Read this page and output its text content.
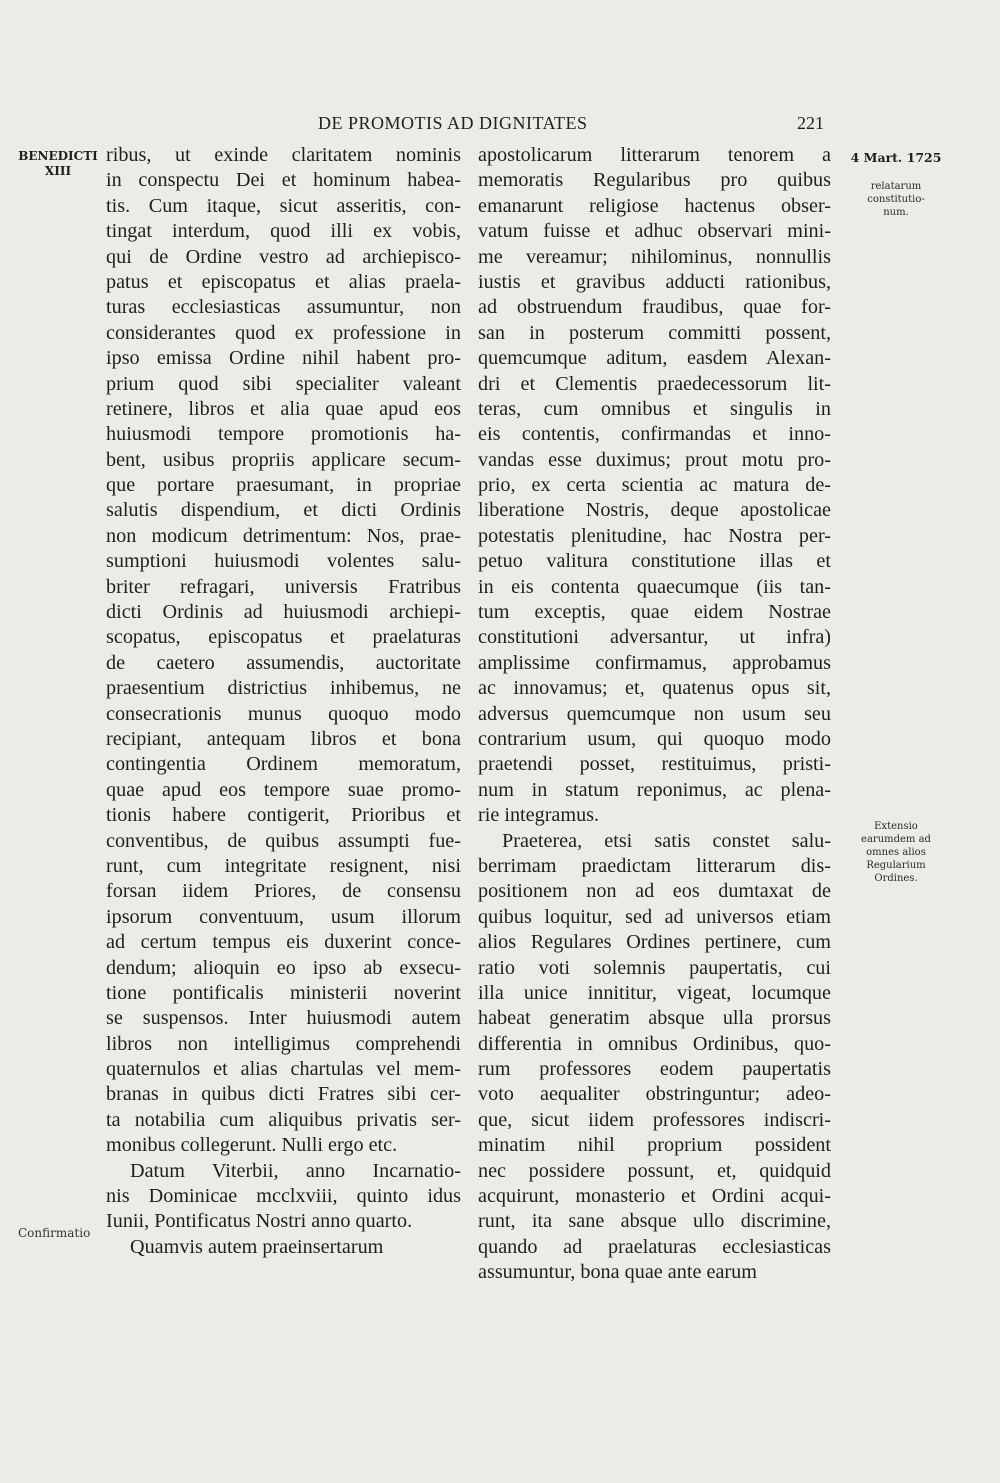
DE PROMOTIS AD DIGNITATES	221
BENEDICTI
XIII
Confirmatio
4 Mart. 1725
relatarum
constitutio-
num.
Extensio
earumdem ad
omnes alios
Regularium
Ordines.
ribus, ut exinde claritatem nominis
in conspectu Dei et hominum habea-
tis. Cum itaque, sicut asseritis, con-
tingat interdum, quod illi ex vobis,
qui de Ordine vestro ad archiepisco-
patus et episcopatus et alias praela-
turas ecclesiasticas assumuntur, non
considerantes quod ex professione in
ipso emissa Ordine nihil habent pro-
prium quod sibi specialiter valeant
retinere, libros et alia quae apud eos
huiusmodi tempore promotionis ha-
bent, usibus propriis applicare secum-
que portare praesumant, in propriae
salutis dispendium, et dicti Ordinis
non modicum detrimentum: Nos, prae-
sumptioni huiusmodi volentes salu-
briter refragari, universis Fratribus
dicti Ordinis ad huiusmodi archiepi-
scopatus, episcopatus et praelaturas
de caetero assumendis, auctoritate
praesentium districtius inhibemus, ne
consecrationis munus quoquo modo
recipiant, antequam libros et bona
contingentia Ordinem memoratum,
quae apud eos tempore suae promo-
tionis habere contigerit, Prioribus et
conventibus, de quibus assumpti fue-
runt, cum integritate resignent, nisi
forsan iidem Priores, de consensu
ipsorum conventuum, usum illorum
ad certum tempus eis duxerint conce-
dendum; alioquin eo ipso ab exsecu-
tione pontificalis ministerii noverint
se suspensos. Inter huiusmodi autem
libros non intelligimus comprehendi
quaternulos et alias chartulas vel mem-
branas in quibus dicti Fratres sibi cer-
ta notabilia cum aliquibus privatis ser-
monibus collegerunt. Nulli ergo etc.
Datum Viterbii, anno Incarnatio-
nis Dominicae mcclxviii, quinto idus
Iunii, Pontificatus Nostri anno quarto.
Quamvis autem praeinsertarum
apostolicarum litterarum tenorem a
memoratis Regularibus pro quibus
emanarunt religiose hactenus obser-
vatum fuisse et adhuc observari mini-
me vereamur; nihilominus, nonnullis
iustis et gravibus adducti rationibus,
ad obstruendum fraudibus, quae for-
san in posterum committi possent,
quemcumque aditum, easdem Alexan-
dri et Clementis praedecessorum lit-
teras, cum omnibus et singulis in
eis contentis, confirmandas et inno-
vandas esse duximus; prout motu pro-
prio, ex certa scientia ac matura de-
liberatione Nostris, deque apostolicae
potestatis plenitudine, hac Nostra per-
petuo valitura constitutione illas et
in eis contenta quaecumque (iis tan-
tum exceptis, quae eidem Nostrae
constitutioni adversantur, ut infra)
amplissime confirmamus, approbamus
ac innovamus; et, quatenus opus sit,
adversus quemcumque non usum seu
contrarium usum, qui quoquo modo
praetendi posset, restituimus, pristi-
num in statum reponimus, ac plena-
rie integramus.
Praeterea, etsi satis constet salu-
berrimam praedictam litterarum dis-
positionem non ad eos dumtaxat de
quibus loquitur, sed ad universos etiam
alios Regulares Ordines pertinere, cum
ratio voti solemnis paupertatis, cui
illa unice innititur, vigeat, locumque
habeat generatim absque ulla prorsus
differentia in omnibus Ordinibus, quo-
rum professores eodem paupertatis
voto aequaliter obstringuntur; adeo-
que, sicut iidem professores indiscri-
minatim nihil proprium possident
nec possidere possunt, et, quidquid
acquirunt, monasterio et Ordini acqui-
runt, ita sane absque ullo discrimine,
quando ad praelaturas ecclesiasticas
assumuntur, bona quae ante earum
